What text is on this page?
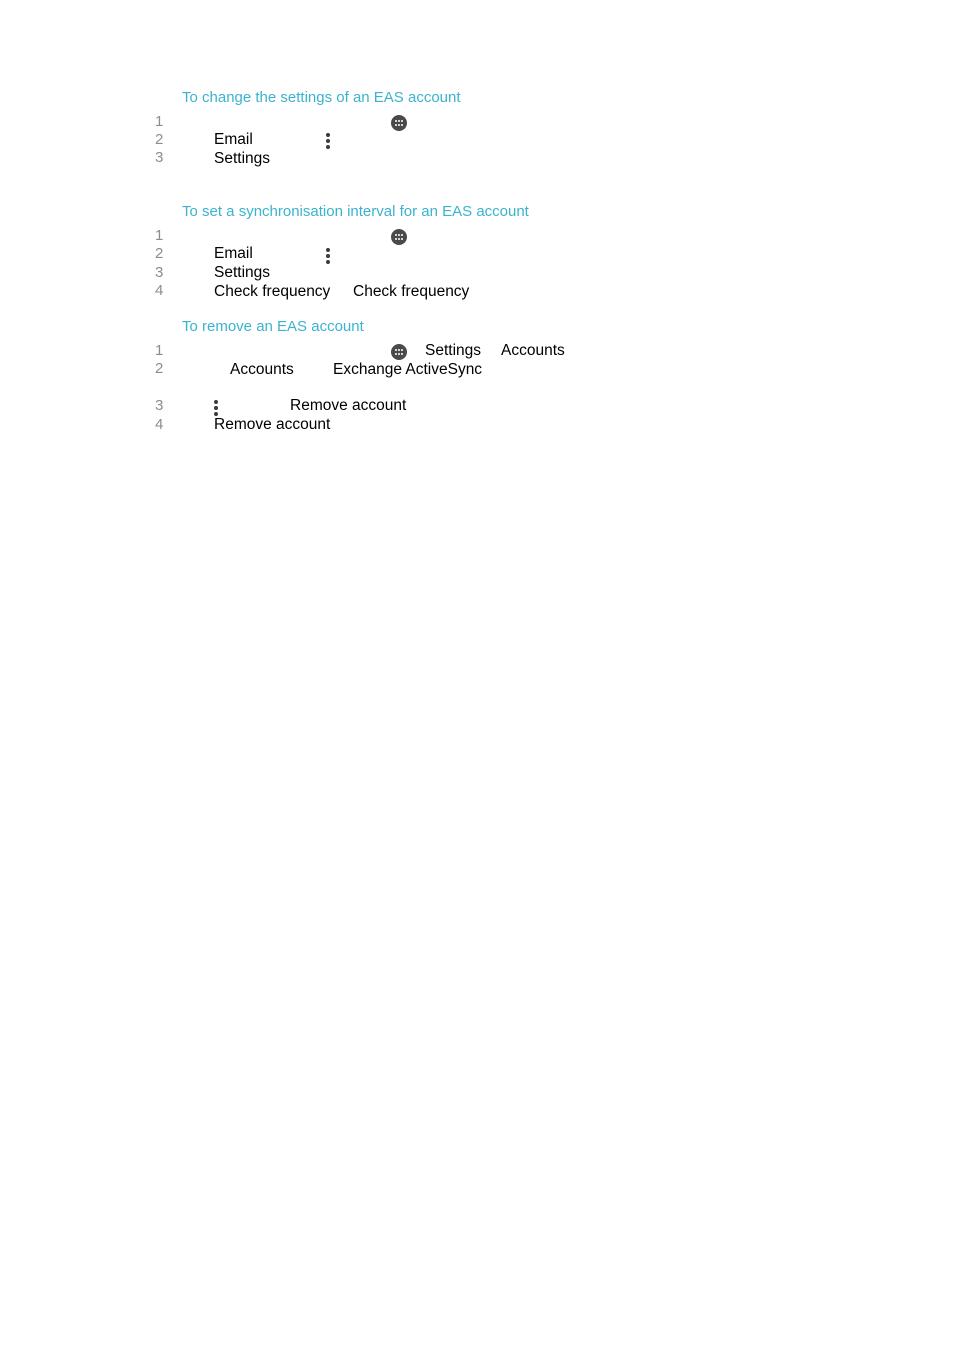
To change the settings of an EAS account
1
2	Email
3	Settings
To set a synchronisation interval for an EAS account
1
2	Email
3	Settings
4	Check frequency Check frequency
To remove an EAS account
1	Settings Accounts
2	Accounts	Exchange ActiveSync
3	Remove account
4	Remove account
